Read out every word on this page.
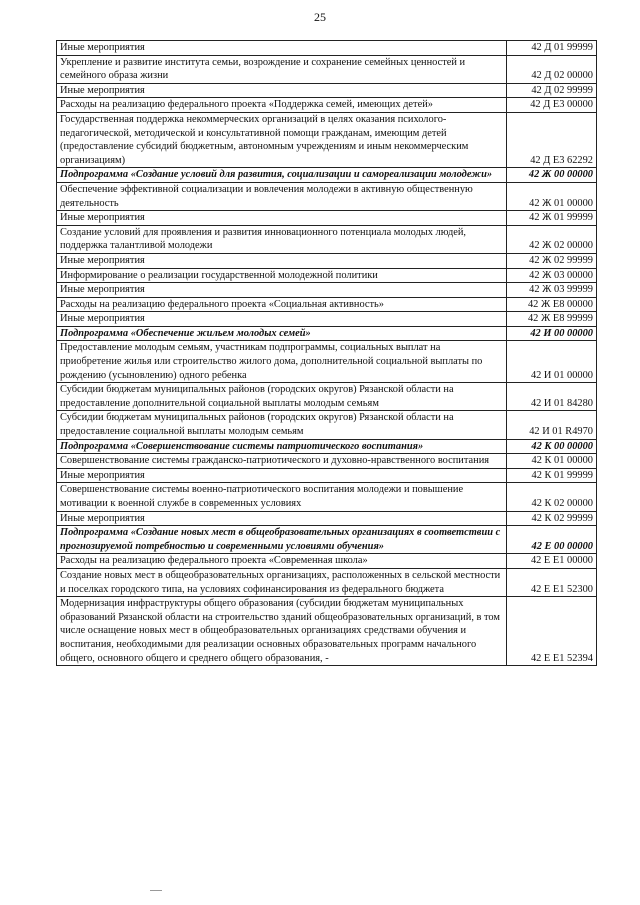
25
Иные мероприятия	42 Д 01 99999
Укрепление и развитие института семьи, возрождение и сохранение семейных ценностей и семейного образа жизни	42 Д 02 00000
Иные мероприятия	42 Д 02 99999
Расходы на реализацию федерального проекта «Поддержка семей, имеющих детей»	42 Д Е3 00000
Государственная поддержка некоммерческих организаций в целях оказания психолого-педагогической, методической и консультативной помощи гражданам, имеющим детей (предоставление субсидий бюджетным, автономным учреждениям и иным некоммерческим организациям)	42 Д Е3 62292
Подпрограмма «Создание условий для развития, социализации и самореализации молодежи»	42 Ж 00 00000
Обеспечение эффективной социализации и вовлечения молодежи в активную общественную деятельность	42 Ж 01 00000
Иные мероприятия	42 Ж 01 99999
Создание условий для проявления и развития инновационного потенциала молодых людей, поддержка талантливой молодежи	42 Ж 02 00000
Иные мероприятия	42 Ж 02 99999
Информирование о реализации государственной молодежной политики	42 Ж 03 00000
Иные мероприятия	42 Ж 03 99999
Расходы на реализацию федерального проекта «Социальная активность»	42 Ж Е8 00000
Иные мероприятия	42 Ж Е8 99999
Подпрограмма «Обеспечение жильем молодых семей»	42 И 00 00000
Предоставление молодым семьям, участникам подпрограммы, социальных выплат на приобретение жилья или строительство жилого дома, дополнительной социальной выплаты по рождению (усыновлению) одного ребенка	42 И 01 00000
Субсидии бюджетам муниципальных районов (городских округов) Рязанской области на предоставление дополнительной социальной выплаты молодым семьям	42 И 01 84280
Субсидии бюджетам муниципальных районов (городских округов) Рязанской области на предоставление социальной выплаты молодым семьям	42 И 01 R4970
Подпрограмма «Совершенствование системы патриотического воспитания»	42 К 00 00000
Совершенствование системы гражданско-патриотического и духовно-нравственного воспитания	42 К 01 00000
Иные мероприятия	42 К 01 99999
Совершенствование системы военно-патриотического воспитания молодежи и повышение мотивации к военной службе в современных условиях	42 К 02 00000
Иные мероприятия	42 К 02 99999
Подпрограмма «Создание новых мест в общеобразовательных организациях в соответствии с прогнозируемой потребностью и современными условиями обучения»	42 Е 00 00000
Расходы на реализацию федерального проекта «Современная школа»	42 Е Е1 00000
Создание новых мест в общеобразовательных организациях, расположенных в сельской местности и поселках городского типа, на условиях софинансирования из федерального бюджета	42 Е Е1 52300
Модернизация инфраструктуры общего образования (субсидии бюджетам муниципальных образований Рязанской области на строительство зданий общеобразовательных организаций, в том числе оснащение новых мест в общеобразовательных организациях средствами обучения и воспитания, необходимыми для реализации основных образовательных программ начального общего, основного общего и среднего общего образования, -	42 Е Е1 52394
